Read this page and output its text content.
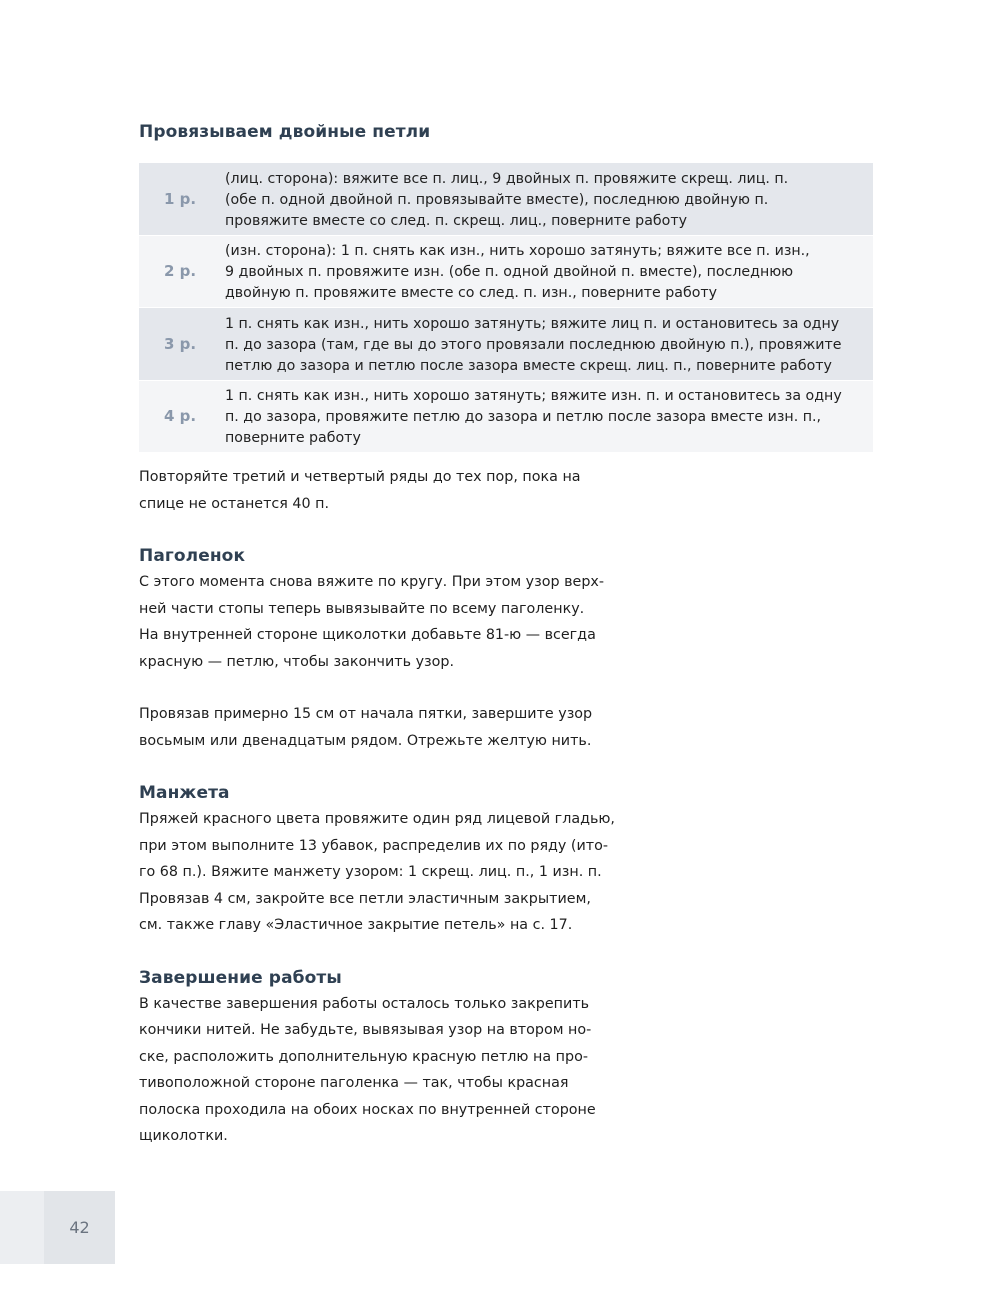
Провязываем двойные петли
1 р.
(лиц. сторона): вяжите все п. лиц., 9 двойных п. провяжите скрещ. лиц. п.
(обе п. одной двойной п. провязывайте вместе), последнюю двойную п.
провяжите вместе со след. п. скрещ. лиц., поверните работу
2 р.
(изн. сторона): 1 п. снять как изн., нить хорошо затянуть; вяжите все п. изн.,
9 двойных п. провяжите изн. (обе п. одной двойной п. вместе), последнюю
двойную п. провяжите вместе со след. п. изн., поверните работу
3 р.
1 п. снять как изн., нить хорошо затянуть; вяжите лиц п. и остановитесь за одну
п. до зазора (там, где вы до этого провязали последнюю двойную п.), провяжите
петлю до зазора и петлю после зазора вместе скрещ. лиц. п., поверните работу
4 р.
1 п. снять как изн., нить хорошо затянуть; вяжите изн. п. и остановитесь за одну
п. до зазора, провяжите петлю до зазора и петлю после зазора вместе изн. п.,
поверните работу

Повторяйте третий и четвертый ряды до тех пор, пока на
спице не останется 40 п.

Паголенок

С этого момента снова вяжите по кругу. При этом узор верх-
ней части стопы теперь вывязывайте по всему паголенку.
На внутренней стороне щиколотки добавьте 81-ю — всегда
красную — петлю, чтобы закончить узор.

Провязав примерно 15 см от начала пятки, завершите узор
восьмым или двенадцатым рядом. Отрежьте желтую нить.

Манжета

Пряжей красного цвета провяжите один ряд лицевой гладью,
при этом выполните 13 убавок, распределив их по ряду (ито-
го 68 п.). Вяжите манжету узором: 1 скрещ. лиц. п., 1 изн. п.
Провязав 4 см, закройте все петли эластичным закрытием,
см. также главу «Эластичное закрытие петель» на с. 17.

Завершение работы

В качестве завершения работы осталось только закрепить
кончики нитей. Не забудьте, вывязывая узор на втором но-
ске, расположить дополнительную красную петлю на про-
тивоположной стороне паголенка — так, чтобы красная
полоска проходила на обоих носках по внутренней стороне
щиколотки.

42
